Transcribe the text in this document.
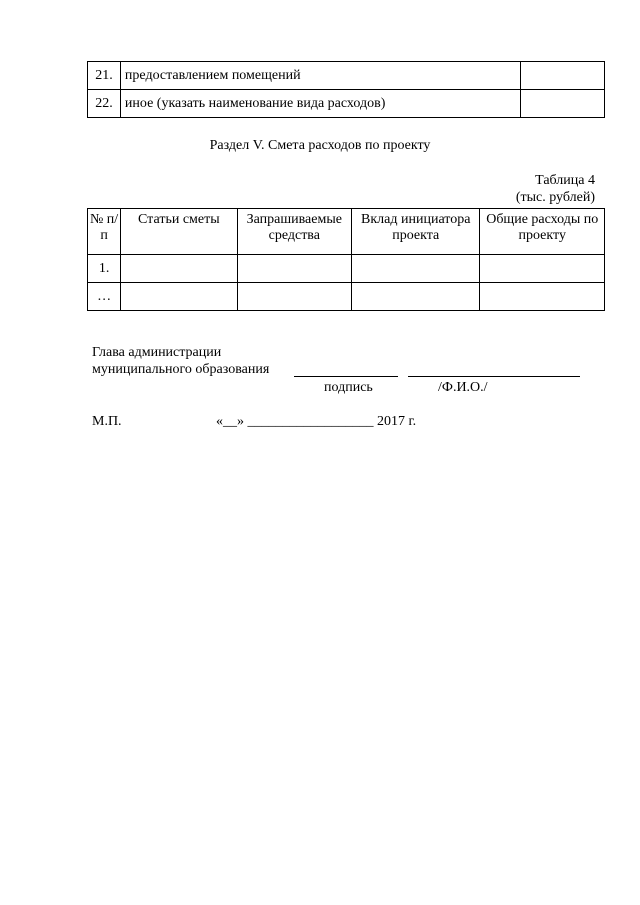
21.	предоставлением помещений	
22.	иное (указать наименование вида расходов)	
Раздел V. Смета расходов по проекту
Таблица 4
(тыс. рублей)
№ п/п	Статьи сметы	Запрашиваемые средства	Вклад инициатора проекта	Общие расходы по проекту
1.				
…				
Глава администрации
муниципального образования
подпись	/Ф.И.О./
М.П.	«__» __________________ 2017 г.
